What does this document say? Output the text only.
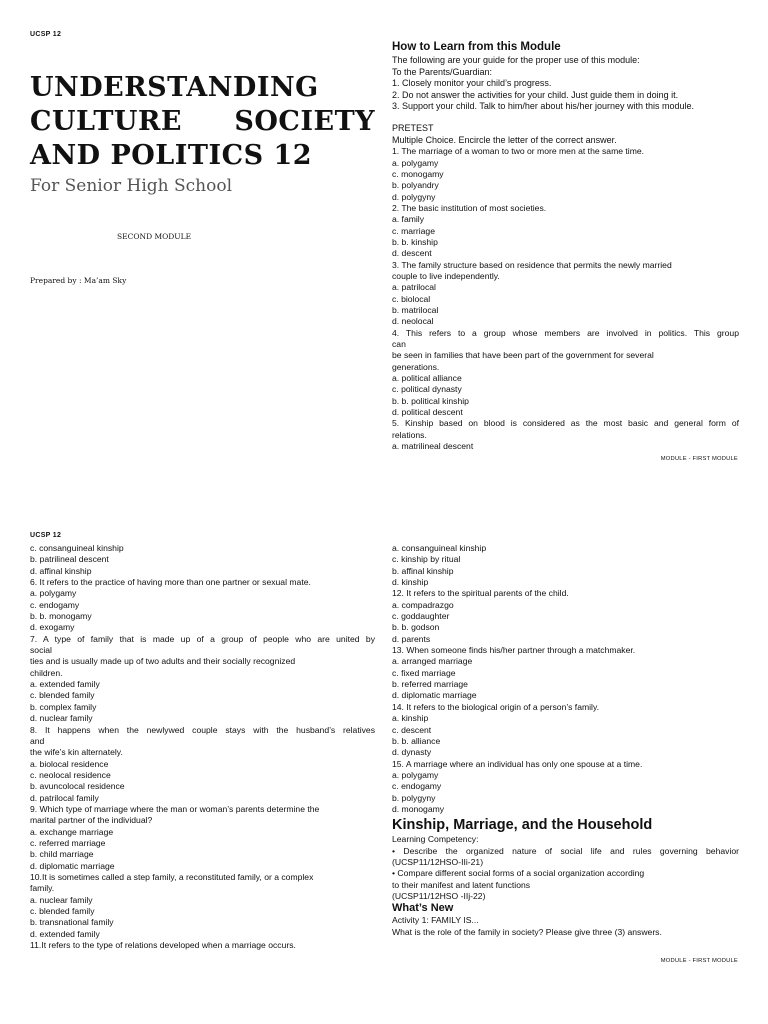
UCSP 12
UNDERSTANDING
CULTURE SOCIETY
AND POLITICS 12
For Senior High School
SECOND MODULE
Prepared by : Ma’am Sky
How to Learn from this Module
The following are your guide for the proper use of this module:
To the Parents/Guardian:
1. Closely monitor your child’s progress.
2. Do not answer the activities for your child. Just guide them in doing it.
3. Support your child. Talk to him/her about his/her journey with this module.
PRETEST
Multiple Choice. Encircle the letter of the correct answer.
1. The marriage of a woman to two or more men at the same time.
a. polygamy
c. monogamy
b. polyandry
d. polygyny
2. The basic institution of most societies.
a. family
c. marriage
b. b. kinship
d. descent
3. The family structure based on residence that permits the newly married
couple to live independently.
a. patrilocal
c. biolocal
b. matrilocal
d. neolocal
4. This refers to a group whose members are involved in politics. This group
can
be seen in families that have been part of the government for several
generations.
a. political alliance
c. political dynasty
b. b. political kinship
d. political descent
5. Kinship based on blood is considered as the most basic and general form of
relations.
a. matrilineal descent
MODULE - FIRST MODULE
UCSP 12
c. consanguineal kinship
b. patrilineal descent
d. affinal kinship
6. It refers to the practice of having more than one partner or sexual mate.
a. polygamy
c. endogamy
b. b. monogamy
d. exogamy
7. A type of family that is made up of a group of people who are united by
social
ties and is usually made up of two adults and their socially recognized
children.
a. extended family
c. blended family
b. complex family
d. nuclear family
8. It happens when the newlywed couple stays with the husband’s relatives
and
the wife’s kin alternately.
a. biolocal residence
c. neolocal residence
b. avuncolocal residence
d. patrilocal family
9. Which type of marriage where the man or woman’s parents determine the
marital partner of the individual?
a. exchange marriage
c. referred marriage
b. child marriage
d. diplomatic marriage
10.It is sometimes called a step family, a reconstituted family, or a complex
family.
a. nuclear family
c. blended family
b. transnational family
d. extended family
11.It refers to the type of relations developed when a marriage occurs.
a. consanguineal kinship
c. kinship by ritual
b. affinal kinship
d. kinship
12. It refers to the spiritual parents of the child.
a. compadrazgo
c. goddaughter
b. b. godson
d. parents
13. When someone finds his/her partner through a matchmaker.
a. arranged marriage
c. fixed marriage
b. referred marriage
d. diplomatic marriage
14. It refers to the biological origin of a person’s family.
a. kinship
c. descent
b. b. alliance
d. dynasty
15. A marriage where an individual has only one spouse at a time.
a. polygamy
c. endogamy
b. polygyny
d. monogamy
Kinship, Marriage, and the Household
Learning Competency:
• Describe the organized nature of social life and rules governing behavior
(UCSP11/12HSO-IIi-21)
• Compare different social forms of a social organization according
to their manifest and latent functions
(UCSP11/12HSO -IIj-22)
What’s New
Activity 1: FAMILY IS...
What is the role of the family in society? Please give three (3) answers.
MODULE - FIRST MODULE
